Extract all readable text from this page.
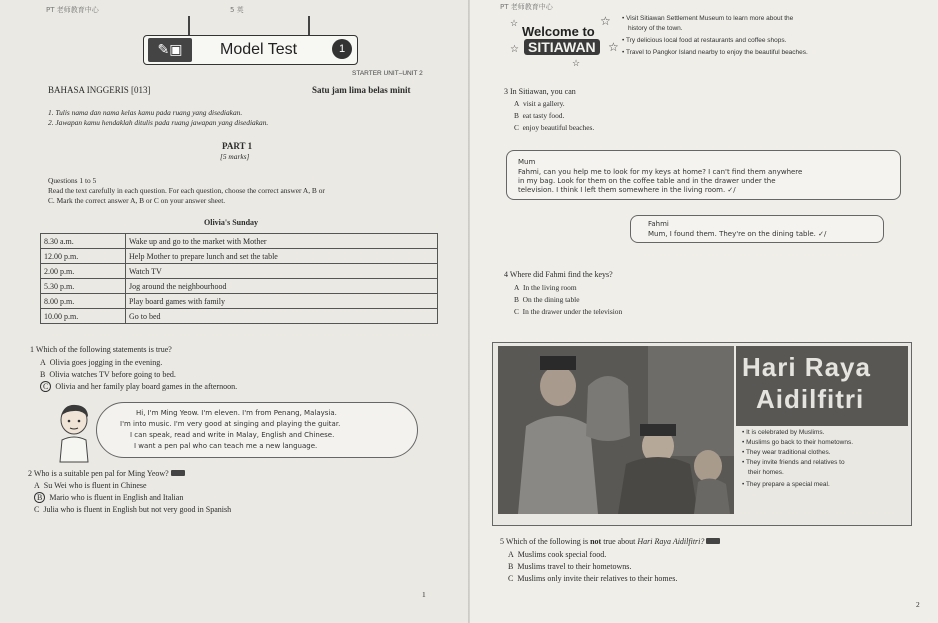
PT 老师教育中心	5 英
✎▣	Model Test	1
STARTER UNIT–UNIT 2
BAHASA INGGERIS [013]	Satu jam lima belas minit
1. Tulis nama dan nama kelas kamu pada ruang yang disediakan.
2. Jawapan kamu hendaklah ditulis pada ruang jawapan yang disediakan.
PART 1
[5 marks]
Questions 1 to 5
Read the text carefully in each question. For each question, choose the correct answer A, B or
C. Mark the correct answer A, B or C on your answer sheet.
Olivia's Sunday
8.30 a.m.	Wake up and go to the market with Mother
12.00 p.m.	Help Mother to prepare lunch and set the table
2.00 p.m.	Watch TV
5.30 p.m.	Jog around the neighbourhood
8.00 p.m.	Play board games with family
10.00 p.m.	Go to bed
1 Which of the following statements is true?
A Olivia goes jogging in the evening.
B Olivia watches TV before going to bed.
C Olivia and her family play board games in the afternoon.
Hi, I'm Ming Yeow. I'm eleven. I'm from Penang, Malaysia.
I'm into music. I'm very good at singing and playing the guitar.
I can speak, read and write in Malay, English and Chinese.
I want a pen pal who can teach me a new language.
2 Who is a suitable pen pal for Ming Yeow?
A Su Wei who is fluent in Chinese
B Mario who is fluent in English and Italian
C Julia who is fluent in English but not very good in Spanish
1
PT 老师教育中心
☆
Welcome to
☆ SITIAWAN	☆
☆
☆ • Visit Sitiawan Settlement Museum to learn more about the
history of the town.
• Try delicious local food at restaurants and coffee shops.
• Travel to Pangkor Island nearby to enjoy the beautiful beaches.
3 In Sitiawan, you can
A visit a gallery.
B eat tasty food.
C enjoy beautiful beaches.
Mum
Fahmi, can you help me to look for my keys at home? I can't find them anywhere
in my bag. Look for them on the coffee table and in the drawer under the
television. I think I left them somewhere in the living room. ✓/
Fahmi
Mum, I found them. They're on the dining table. ✓/
4 Where did Fahmi find the keys?
A In the living room
B On the dining table
C In the drawer under the television
Hari Raya
Aidilfitri
• It is celebrated by Muslims.
• Muslims go back to their hometowns.
• They wear traditional clothes.
• They invite friends and relatives to
their homes.
• They prepare a special meal.
5 Which of the following is not true about Hari Raya Aidilfitri?
A Muslims cook special food.
B Muslims travel to their hometowns.
C Muslims only invite their relatives to their homes.
2
